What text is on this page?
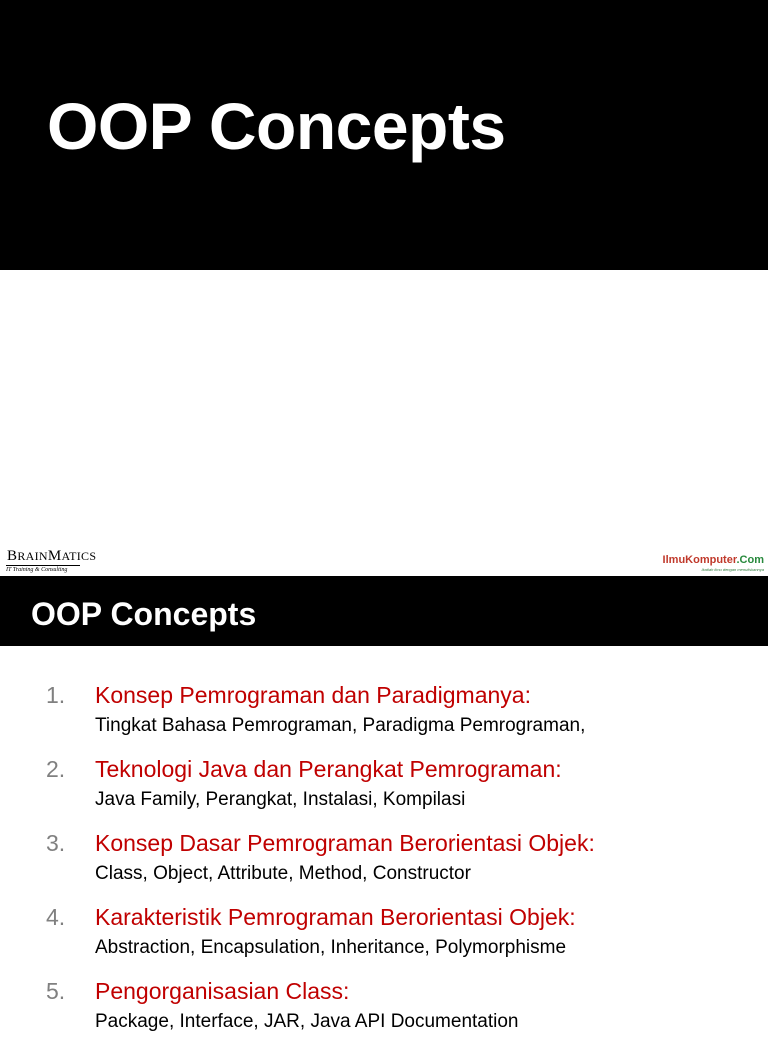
OOP Concepts
BRAINMATICS
IT Training & Consulting
IlmuKomputer.Com
Ikatlah ilmu dengan menuliskannya
OOP Concepts
1. Konsep Pemrograman dan Paradigmanya:
Tingkat Bahasa Pemrograman, Paradigma Pemrograman,
2. Teknologi Java dan Perangkat Pemrograman:
Java Family, Perangkat, Instalasi, Kompilasi
3. Konsep Dasar Pemrograman Berorientasi Objek:
Class, Object, Attribute, Method, Constructor
4. Karakteristik Pemrograman Berorientasi Objek:
Abstraction, Encapsulation, Inheritance, Polymorphisme
5. Pengorganisasian Class:
Package, Interface, JAR, Java API Documentation
